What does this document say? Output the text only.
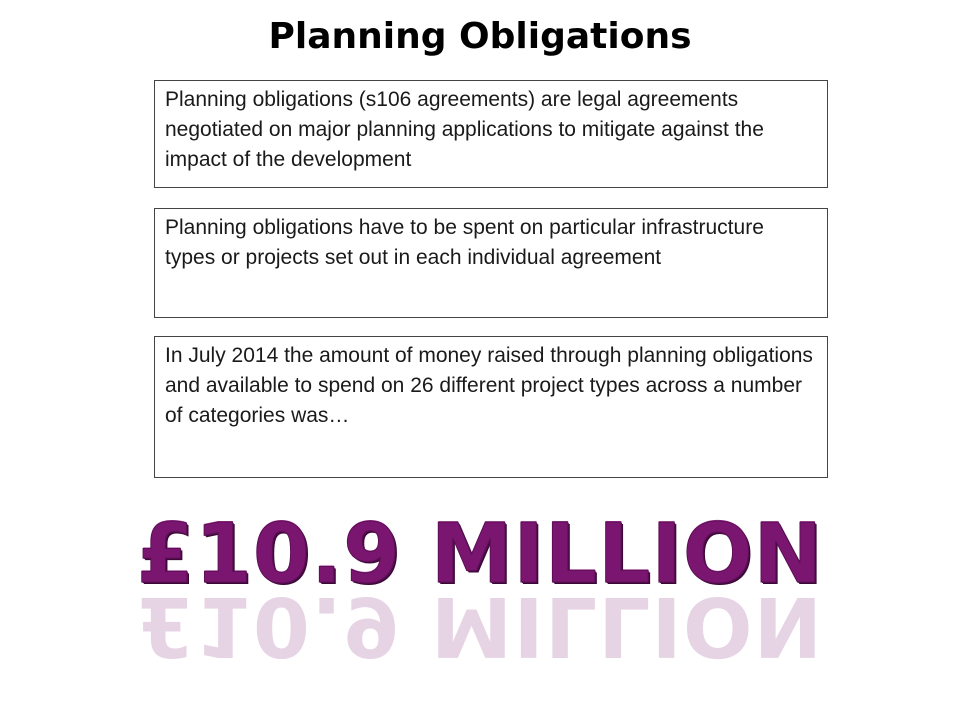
Planning Obligations
Planning obligations (s106 agreements) are legal agreements negotiated on major planning applications to mitigate against the impact of the development
Planning obligations have to be spent on particular infrastructure types or projects set out in each individual agreement
In July 2014 the amount of money raised through planning obligations and available to spend on 26 different project types across a number of categories was…
£10.9 MILLION
£10.9 MILLION
